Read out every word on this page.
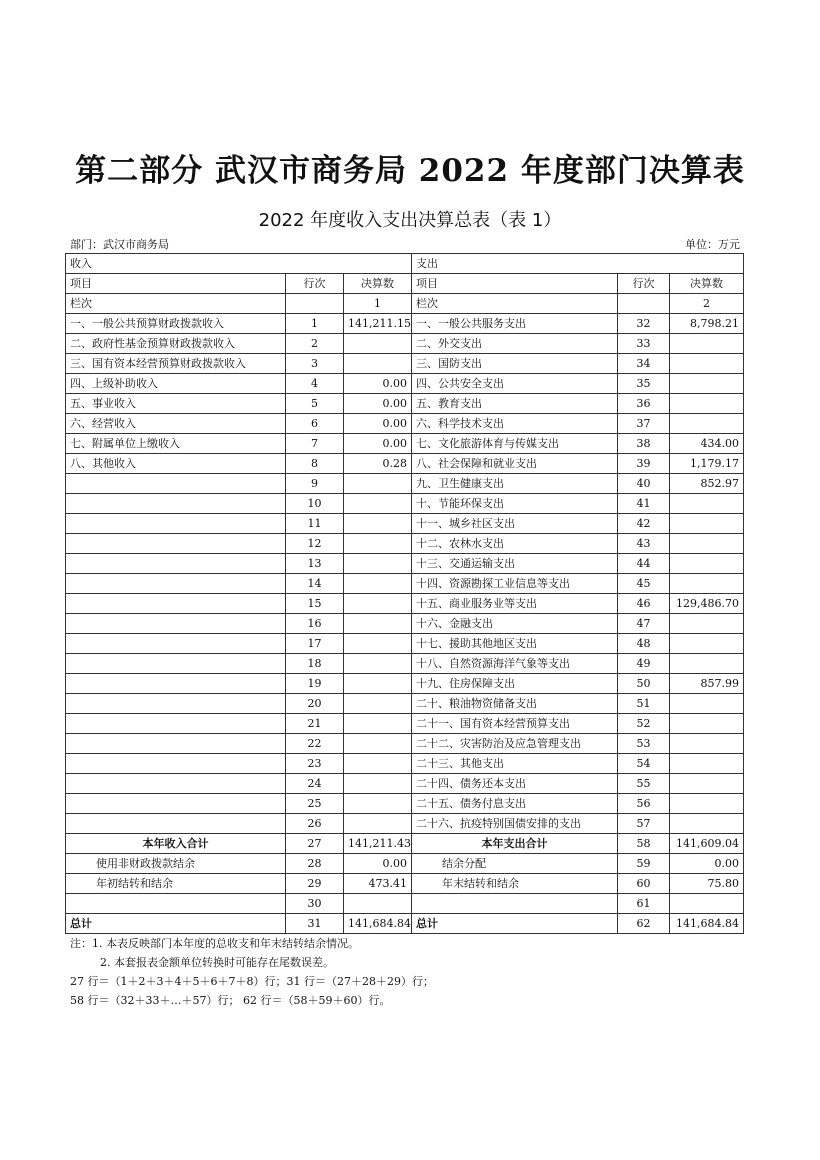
第二部分 武汉市商务局 2022 年度部门决算表
2022 年度收入支出决算总表（表 1）
部门：武汉市商务局	单位：万元
收入			支出		
项目	行次	决算数	项目	行次	决算数
栏次		1	栏次		2
一、一般公共预算财政拨款收入	1	141,211.15	一、一般公共服务支出	32	8,798.21
二、政府性基金预算财政拨款收入	2		二、外交支出	33	
三、国有资本经营预算财政拨款收入	3		三、国防支出	34	
四、上级补助收入	4	0.00	四、公共安全支出	35	
五、事业收入	5	0.00	五、教育支出	36	
六、经营收入	6	0.00	六、科学技术支出	37	
七、附属单位上缴收入	7	0.00	七、文化旅游体育与传媒支出	38	434.00
八、其他收入	8	0.28	八、社会保障和就业支出	39	1,179.17
	9		九、卫生健康支出	40	852.97
	10		十、节能环保支出	41	
	11		十一、城乡社区支出	42	
	12		十二、农林水支出	43	
	13		十三、交通运输支出	44	
	14		十四、资源勘探工业信息等支出	45	
	15		十五、商业服务业等支出	46	129,486.70
	16		十六、金融支出	47	
	17		十七、援助其他地区支出	48	
	18		十八、自然资源海洋气象等支出	49	
	19		十九、住房保障支出	50	857.99
	20		二十、粮油物资储备支出	51	
	21		二十一、国有资本经营预算支出	52	
	22		二十二、灾害防治及应急管理支出	53	
	23		二十三、其他支出	54	
	24		二十四、债务还本支出	55	
	25		二十五、债务付息支出	56	
	26		二十六、抗疫特别国债安排的支出	57	
本年收入合计	27	141,211.43	本年支出合计	58	141,609.04
使用非财政拨款结余	28	0.00	结余分配	59	0.00
年初结转和结余	29	473.41	年末结转和结余	60	75.80
	30			61	
总计	31	141,684.84	总计	62	141,684.84
注：1. 本表反映部门本年度的总收支和年末结转结余情况。
2. 本套报表金额单位转换时可能存在尾数误差。
27 行＝（1＋2＋3＋4＋5＋6＋7＋8）行；31 行＝（27＋28＋29）行；
58 行＝（32＋33＋…＋57）行； 62 行＝（58＋59＋60）行。
